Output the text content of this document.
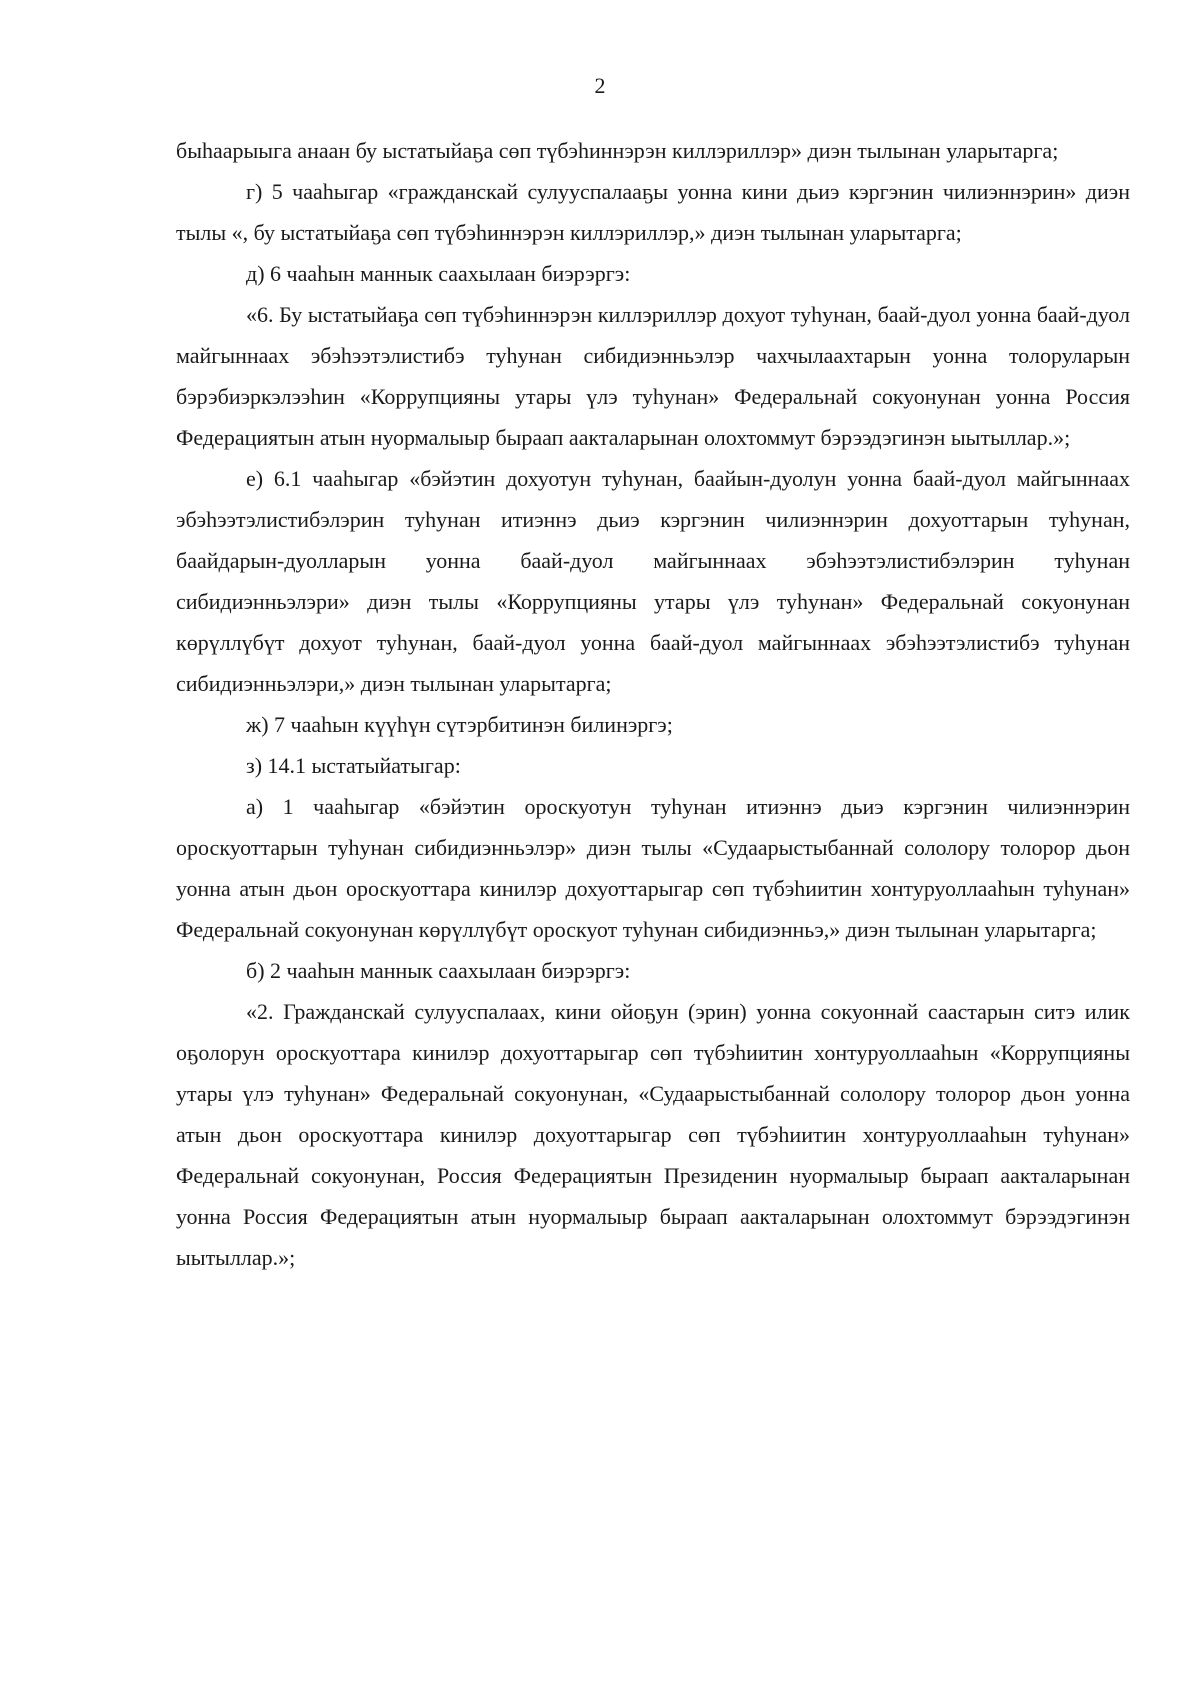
2

быhаарыыга анаан бу ыстатыйаҕа сөп түбэhиннэрэн киллэриллэр» диэн тылынан уларытарга;

г) 5 чааhыгар «гражданскай сулууспалааҕы уонна кини дьиэ кэргэнин чилиэннэрин» диэн тылы «, бу ыстатыйаҕа сөп түбэhиннэрэн киллэриллэр,» диэн тылынан уларытарга;

д) 6 чааhын маннык саахылаан биэрэргэ:

«6. Бу ыстатыйаҕа сөп түбэhиннэрэн киллэриллэр дохуот туhунан, баай-дуол уонна баай-дуол майгыннаах эбэhээтэлистибэ туhунан сибидиэнньэлэр чахчылаахтарын уонна толоруларын бэрэбиэркэлээhин «Коррупцияны утары үлэ туhунан» Федеральнай сокуонунан уонна Россия Федерациятын атын нуормалыыр быраап аакталарынан олохтоммут бэрээдэгинэн ыытыллар.»;

е) 6.1 чааhыгар «бэйэтин дохуотун туhунан, баайын-дуолун уонна баай-дуол майгыннаах эбэhээтэлистибэлэрин туhунан итиэннэ дьиэ кэргэнин чилиэннэрин дохуоттарын туhунан, баайдарын-дуолларын уонна баай-дуол майгыннаах эбэhээтэлистибэлэрин туhунан сибидиэнньэлэри» диэн тылы «Коррупцияны утары үлэ туhунан» Федеральнай сокуонунан көрүллүбүт дохуот туhунан, баай-дуол уонна баай-дуол майгыннаах эбэhээтэлистибэ туhунан сибидиэнньэлэри,» диэн тылынан уларытарга;

ж) 7 чааhын күүhүн сүтэрбитинэн билинэргэ;

з) 14.1 ыстатыйатыгар:

а) 1 чааhыгар «бэйэтин ороскуотун туhунан итиэннэ дьиэ кэргэнин чилиэннэрин ороскуоттарын туhунан сибидиэнньэлэр» диэн тылы «Судаарыстыбаннай сололору толорор дьон уонна атын дьон ороскуоттара кинилэр дохуоттарыгар сөп түбэhиитин хонтуруоллааhын туhунан» Федеральнай сокуонунан көрүллүбүт ороскуот туhунан сибидиэнньэ,» диэн тылынан уларытарга;

б) 2 чааhын маннык саахылаан биэрэргэ:

«2. Гражданскай сулууспалаах, кини ойоҕун (эрин) уонна сокуоннай саастарын ситэ илик оҕолорун ороскуоттара кинилэр дохуоттарыгар сөп түбэhиитин хонтуруоллааhын «Коррупцияны утары үлэ туhунан» Федеральнай сокуонунан, «Судаарыстыбаннай сололору толорор дьон уонна атын дьон ороскуоттара кинилэр дохуоттарыгар сөп түбэhиитин хонтуруоллааhын туhунан» Федеральнай сокуонунан, Россия Федерациятын Президенин нуормалыыр быраап аакталарынан уонна Россия Федерациятын атын нуормалыыр быраап аакталарынан олохтоммут бэрээдэгинэн ыытыллар.»;
